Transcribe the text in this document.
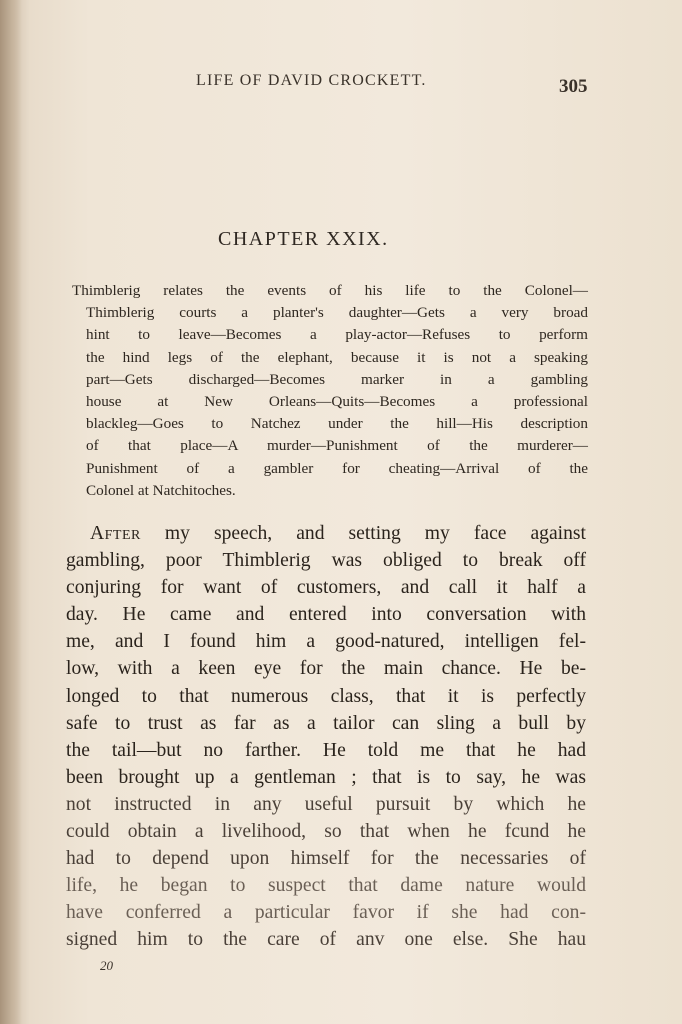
LIFE OF DAVID CROCKETT.	305
CHAPTER XXIX.
Thimblerig relates the events of his life to the Colonel—
Thimblerig courts a planter's daughter—Gets a very broad
hint to leave—Becomes a play-actor—Refuses to perform
the hind legs of the elephant, because it is not a speaking
part—Gets discharged—Becomes marker in a gambling
house at New Orleans—Quits—Becomes a professional
blackleg—Goes to Natchez under the hill—His description
of that place—A murder—Punishment of the murderer—
Punishment of a gambler for cheating—Arrival of the
Colonel at Natchitoches.
After my speech, and setting my face against
gambling, poor Thimblerig was obliged to break off
conjuring for want of customers, and call it half a
day. He came and entered into conversation with
me, and I found him a good-natured, intelligen fel-
low, with a keen eye for the main chance. He be-
longed to that numerous class, that it is perfectly
safe to trust as far as a tailor can sling a bull by
the tail—but no farther. He told me that he had
been brought up a gentleman ; that is to say, he was
not instructed in any useful pursuit by which he
could obtain a livelihood, so that when he fcund he
had to depend upon himself for the necessaries of
life, he began to suspect that dame nature would
have conferred a particular favor if she had con-
signed him to the care of anv one else. She hau
20
